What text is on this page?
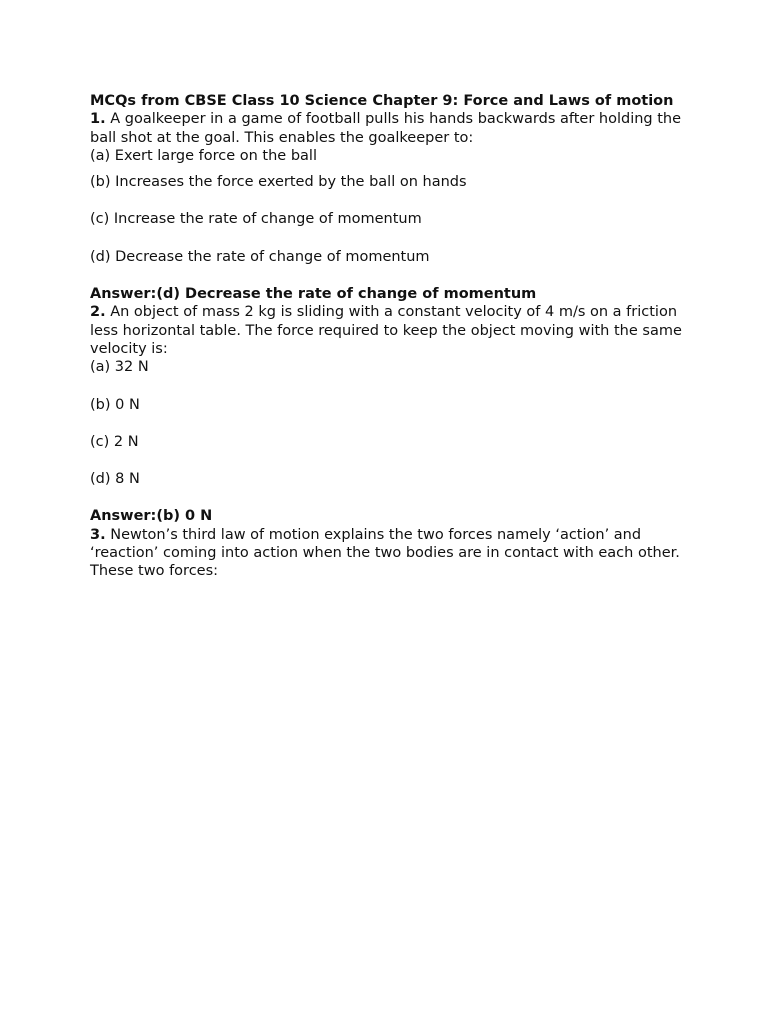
MCQs from CBSE Class 10 Science Chapter 9: Force and Laws of motion
1. A goalkeeper in a game of football pulls his hands backwards after holding the ball shot at the goal. This enables the goalkeeper to:
(a) Exert large force on the ball
(b) Increases the force exerted by the ball on hands
(c) Increase the rate of change of momentum
(d) Decrease the rate of change of momentum
Answer:(d) Decrease the rate of change of momentum
2. An object of mass 2 kg is sliding with a constant velocity of 4 m/s on a friction less horizontal table. The force required to keep the object moving with the same velocity is:
(a) 32 N
(b) 0 N
(c) 2 N
(d) 8 N
Answer:(b) 0 N
3. Newton’s third law of motion explains the two forces namely ‘action’ and ‘reaction’ coming into action when the two bodies are in contact with each other. These two forces:
